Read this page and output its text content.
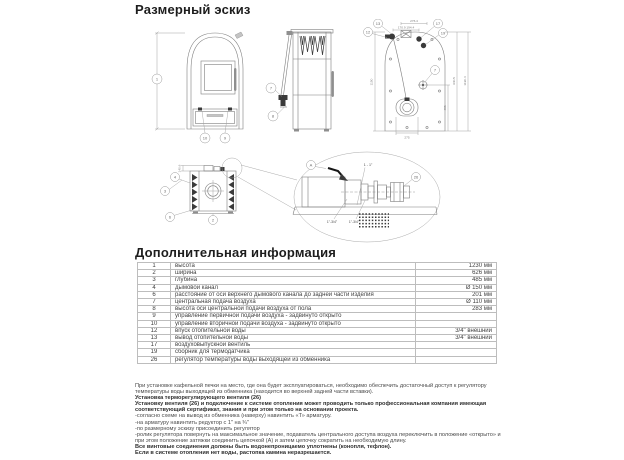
Размерный эскиз
1
10	9
7
8
13
12
17
19
7
276.4
170.9 194.4
1150	940.5 1190.4
485
275
140.6
4
3
6
2
A	1 - 1"
26
1"-3/4"	1"-3/4"
Дополнительная информация
1	высота	1230 мм
2	ширина	626 мм
3	глубина	485 мм
4	дымовой канал	Ø 150 мм
6	расстояние от оси верхнего дымового канала до задней части изделия	201 мм
7	центральная подача воздуха	Ø 110 мм
8	высота оси центральной подачи воздуха от пола	283 мм
9	управление первичной подачи воздуха - задвинуто открыто	
10	управление вторичной подачи воздуха - задвинуто открыто	
12	впуск отопительной воды	3/4" внешний
13	вывод отопительной воды	3/4" внешний
17	воздуховыпускной вентиль	
19	сборник для термодатчика	
26	регулятор температуры воды выходящей из обменника	

При установке кафельной печки на место, где она будет эксплуатироваться, необходимо обеспечить достаточный доступ к регулятору температуры воды выходящей из обменника (находится во верхней задней части вставки).

Установка терморегулирующего вентиля (26)

Установку вентиля (26) и подключение к системе отопления может проводить только профессиональная компания имеющая соответствующий сертификат, знания и при этом только на основании проекта.

-согласно схеме на вывод из обменника (наверху) навинтить «Т» арматуру.

-на арматуру навинтить редуктор с 1" на ¾"

-по размерному эскизу присоединить регулятор

-ролик регулятора повернуть на максимальное значение, подаватель центрального доступа воздуха переключить в положение «открыто» и при этом положение затяжки соединить цепочкой (А) и затем цепочку сократить на необходимую длину.

Все винтовые соединения должны быть водонепроницаемо уплотнены (конопля, тефлон).

Если в системе отопления нет воды, растопка камина неразрешается.
